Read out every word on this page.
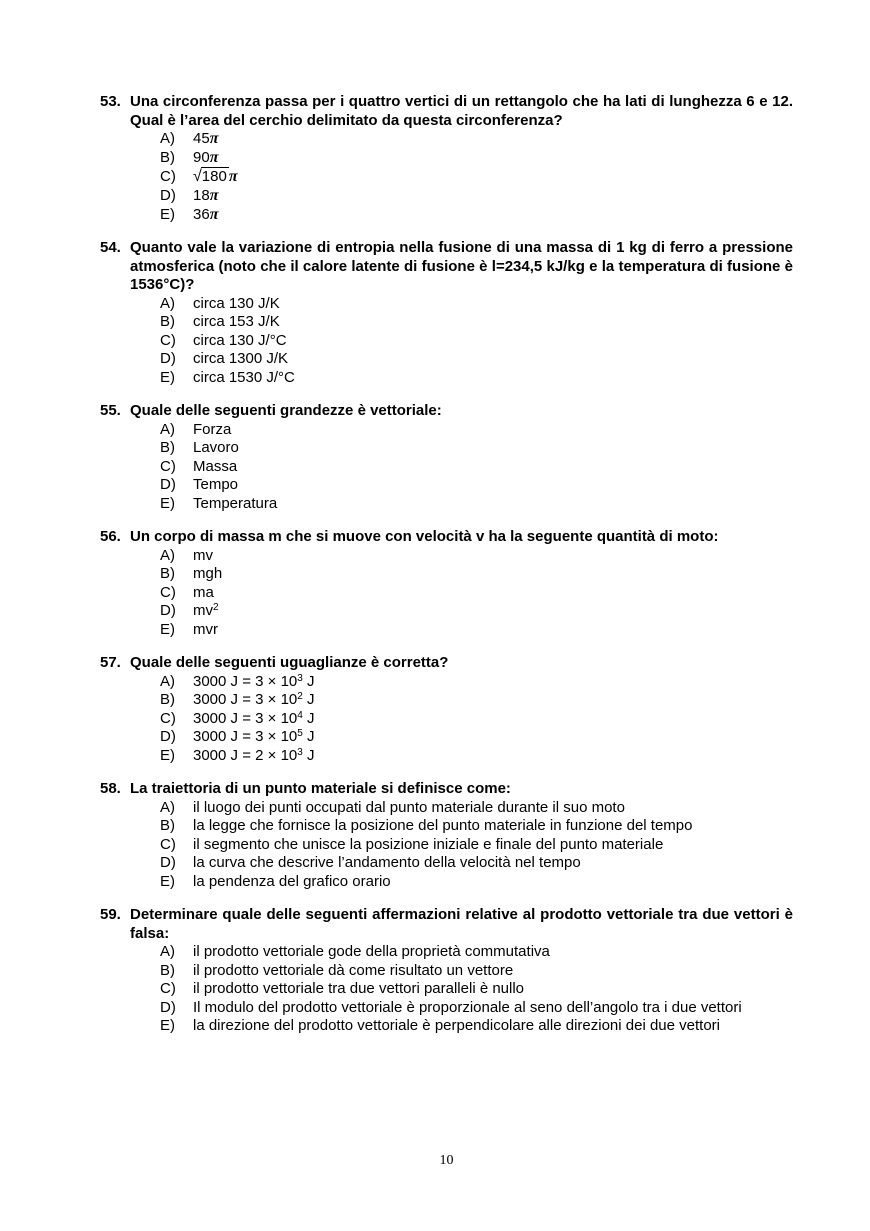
53. Una circonferenza passa per i quattro vertici di un rettangolo che ha lati di lunghezza 6 e 12. Qual è l’area del cerchio delimitato da questa circonferenza?

A)	45π
B)	90π
C)	√ 180 π
D)	18π
E)	36π
54. Quanto vale la variazione di entropia nella fusione di una massa di 1 kg di ferro a pressione atmosferica (noto che il calore latente di fusione è l=234,5 kJ/kg e la temperatura di fusione è 1536°C)?

A)	circa 130 J/K
B)	circa 153 J/K
C)	circa 130 J/°C
D)	circa 1300 J/K
E)	circa 1530 J/°C
55. Quale delle seguenti grandezze è vettoriale:

A)	Forza
B)	Lavoro
C)	Massa
D)	Tempo
E)	Temperatura
56. Un corpo di massa m che si muove con velocità v ha la seguente quantità di moto:

A)	mv
B)	mgh
C)	ma
D)	$mv^2$
E)	mvr
57. Quale delle seguenti uguaglianze è corretta?

A)	3000 $J = 3 \times 10^3$ J
B)	3000 $J = 3 \times 10^2$ J
C)	3000 $J = 3 \times 10^4$ J
D)	3000 $J = 3 \times 10^5$ J
E)	3000 $J = 2 \times 10^3$ J
58. La traiettoria di un punto materiale si definisce come:

A)	il luogo dei punti occupati dal punto materiale durante il suo moto
B)	la legge che fornisce la posizione del punto materiale in funzione del tempo
C)	il segmento che unisce la posizione iniziale e finale del punto materiale
D)	la curva che descrive l’andamento della velocità nel tempo
E)	la pendenza del grafico orario
59. Determinare quale delle seguenti affermazioni relative al prodotto vettoriale tra due vettori è falsa:

A)	il prodotto vettoriale gode della proprietà commutativa
B)	il prodotto vettoriale dà come risultato un vettore
C)	il prodotto vettoriale tra due vettori paralleli è nullo
D)	Il modulo del prodotto vettoriale è proporzionale al seno dell’angolo tra i due vettori
E)	la direzione del prodotto vettoriale è perpendicolare alle direzioni dei due vettori
10
